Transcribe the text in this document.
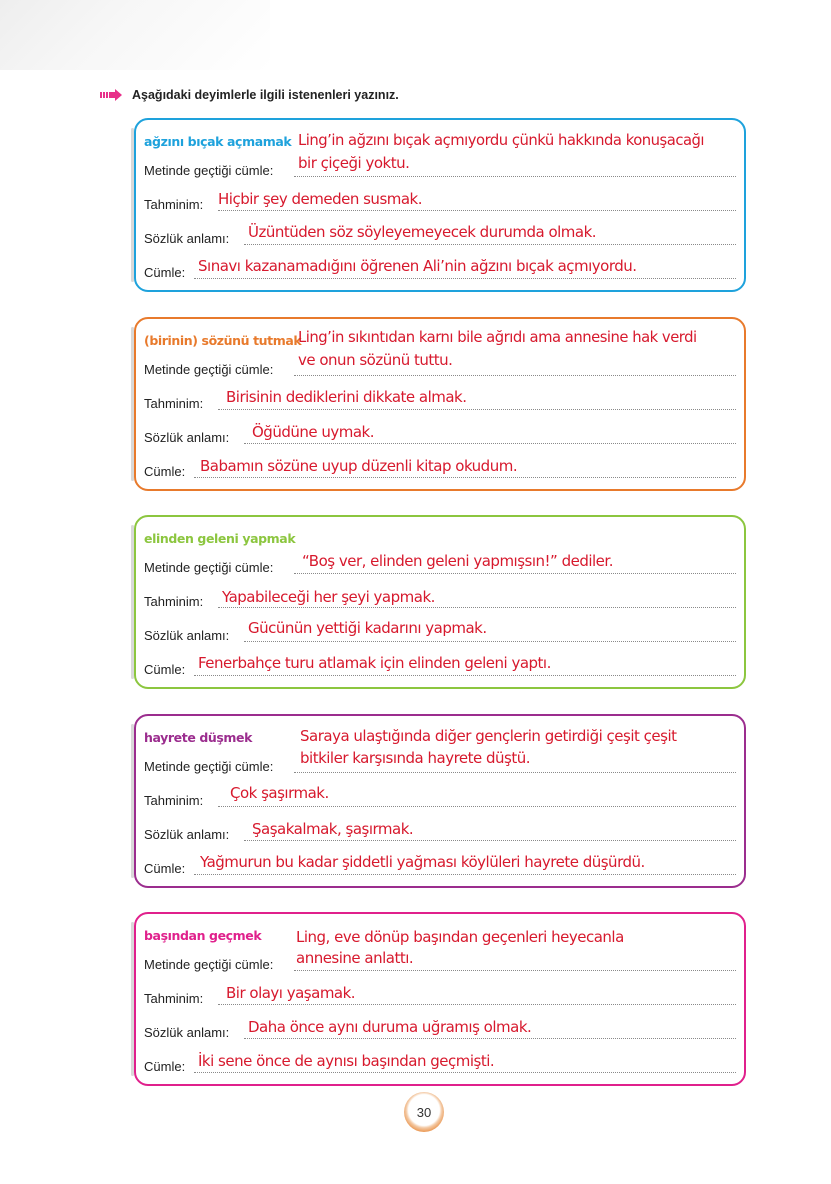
Aşağıdaki deyimlerle ilgili istenenleri yazınız.
ağzını bıçak açmamak
Metinde geçtiği cümle:
Tahminim:
Sözlük anlamı:
Cümle:
Ling’in ağzını bıçak açmıyordu çünkü hakkında konuşacağı
bir çiçeği yoktu.
Hiçbir şey demeden susmak.
Üzüntüden söz söyleyemeyecek durumda olmak.
Sınavı kazanamadığını öğrenen Ali’nin ağzını bıçak açmıyordu.
(birinin) sözünü tutmak
Metinde geçtiği cümle:
Tahminim:
Sözlük anlamı:
Cümle:
Ling’in sıkıntıdan karnı bile ağrıdı ama annesine hak verdi
ve onun sözünü tuttu.
Birisinin dediklerini dikkate almak.
Öğüdüne uymak.
Babamın sözüne uyup düzenli kitap okudum.
elinden geleni yapmak
Metinde geçtiği cümle:
Tahminim:
Sözlük anlamı:
Cümle:
“Boş ver, elinden geleni yapmışsın!” dediler.
Yapabileceği her şeyi yapmak.
Gücünün yettiği kadarını yapmak.
Fenerbahçe turu atlamak için elinden geleni yaptı.
hayrete düşmek
Metinde geçtiği cümle:
Tahminim:
Sözlük anlamı:
Cümle:
Saraya ulaştığında diğer gençlerin getirdiği çeşit çeşit
bitkiler karşısında hayrete düştü.
Çok şaşırmak.
Şaşakalmak, şaşırmak.
Yağmurun bu kadar şiddetli yağması köylüleri hayrete düşürdü.
başından geçmek
Metinde geçtiği cümle:
Tahminim:
Sözlük anlamı:
Cümle:
Ling, eve dönüp başından geçenleri heyecanla
annesine anlattı.
Bir olayı yaşamak.
Daha önce aynı duruma uğramış olmak.
İki sene önce de aynısı başından geçmişti.
30
